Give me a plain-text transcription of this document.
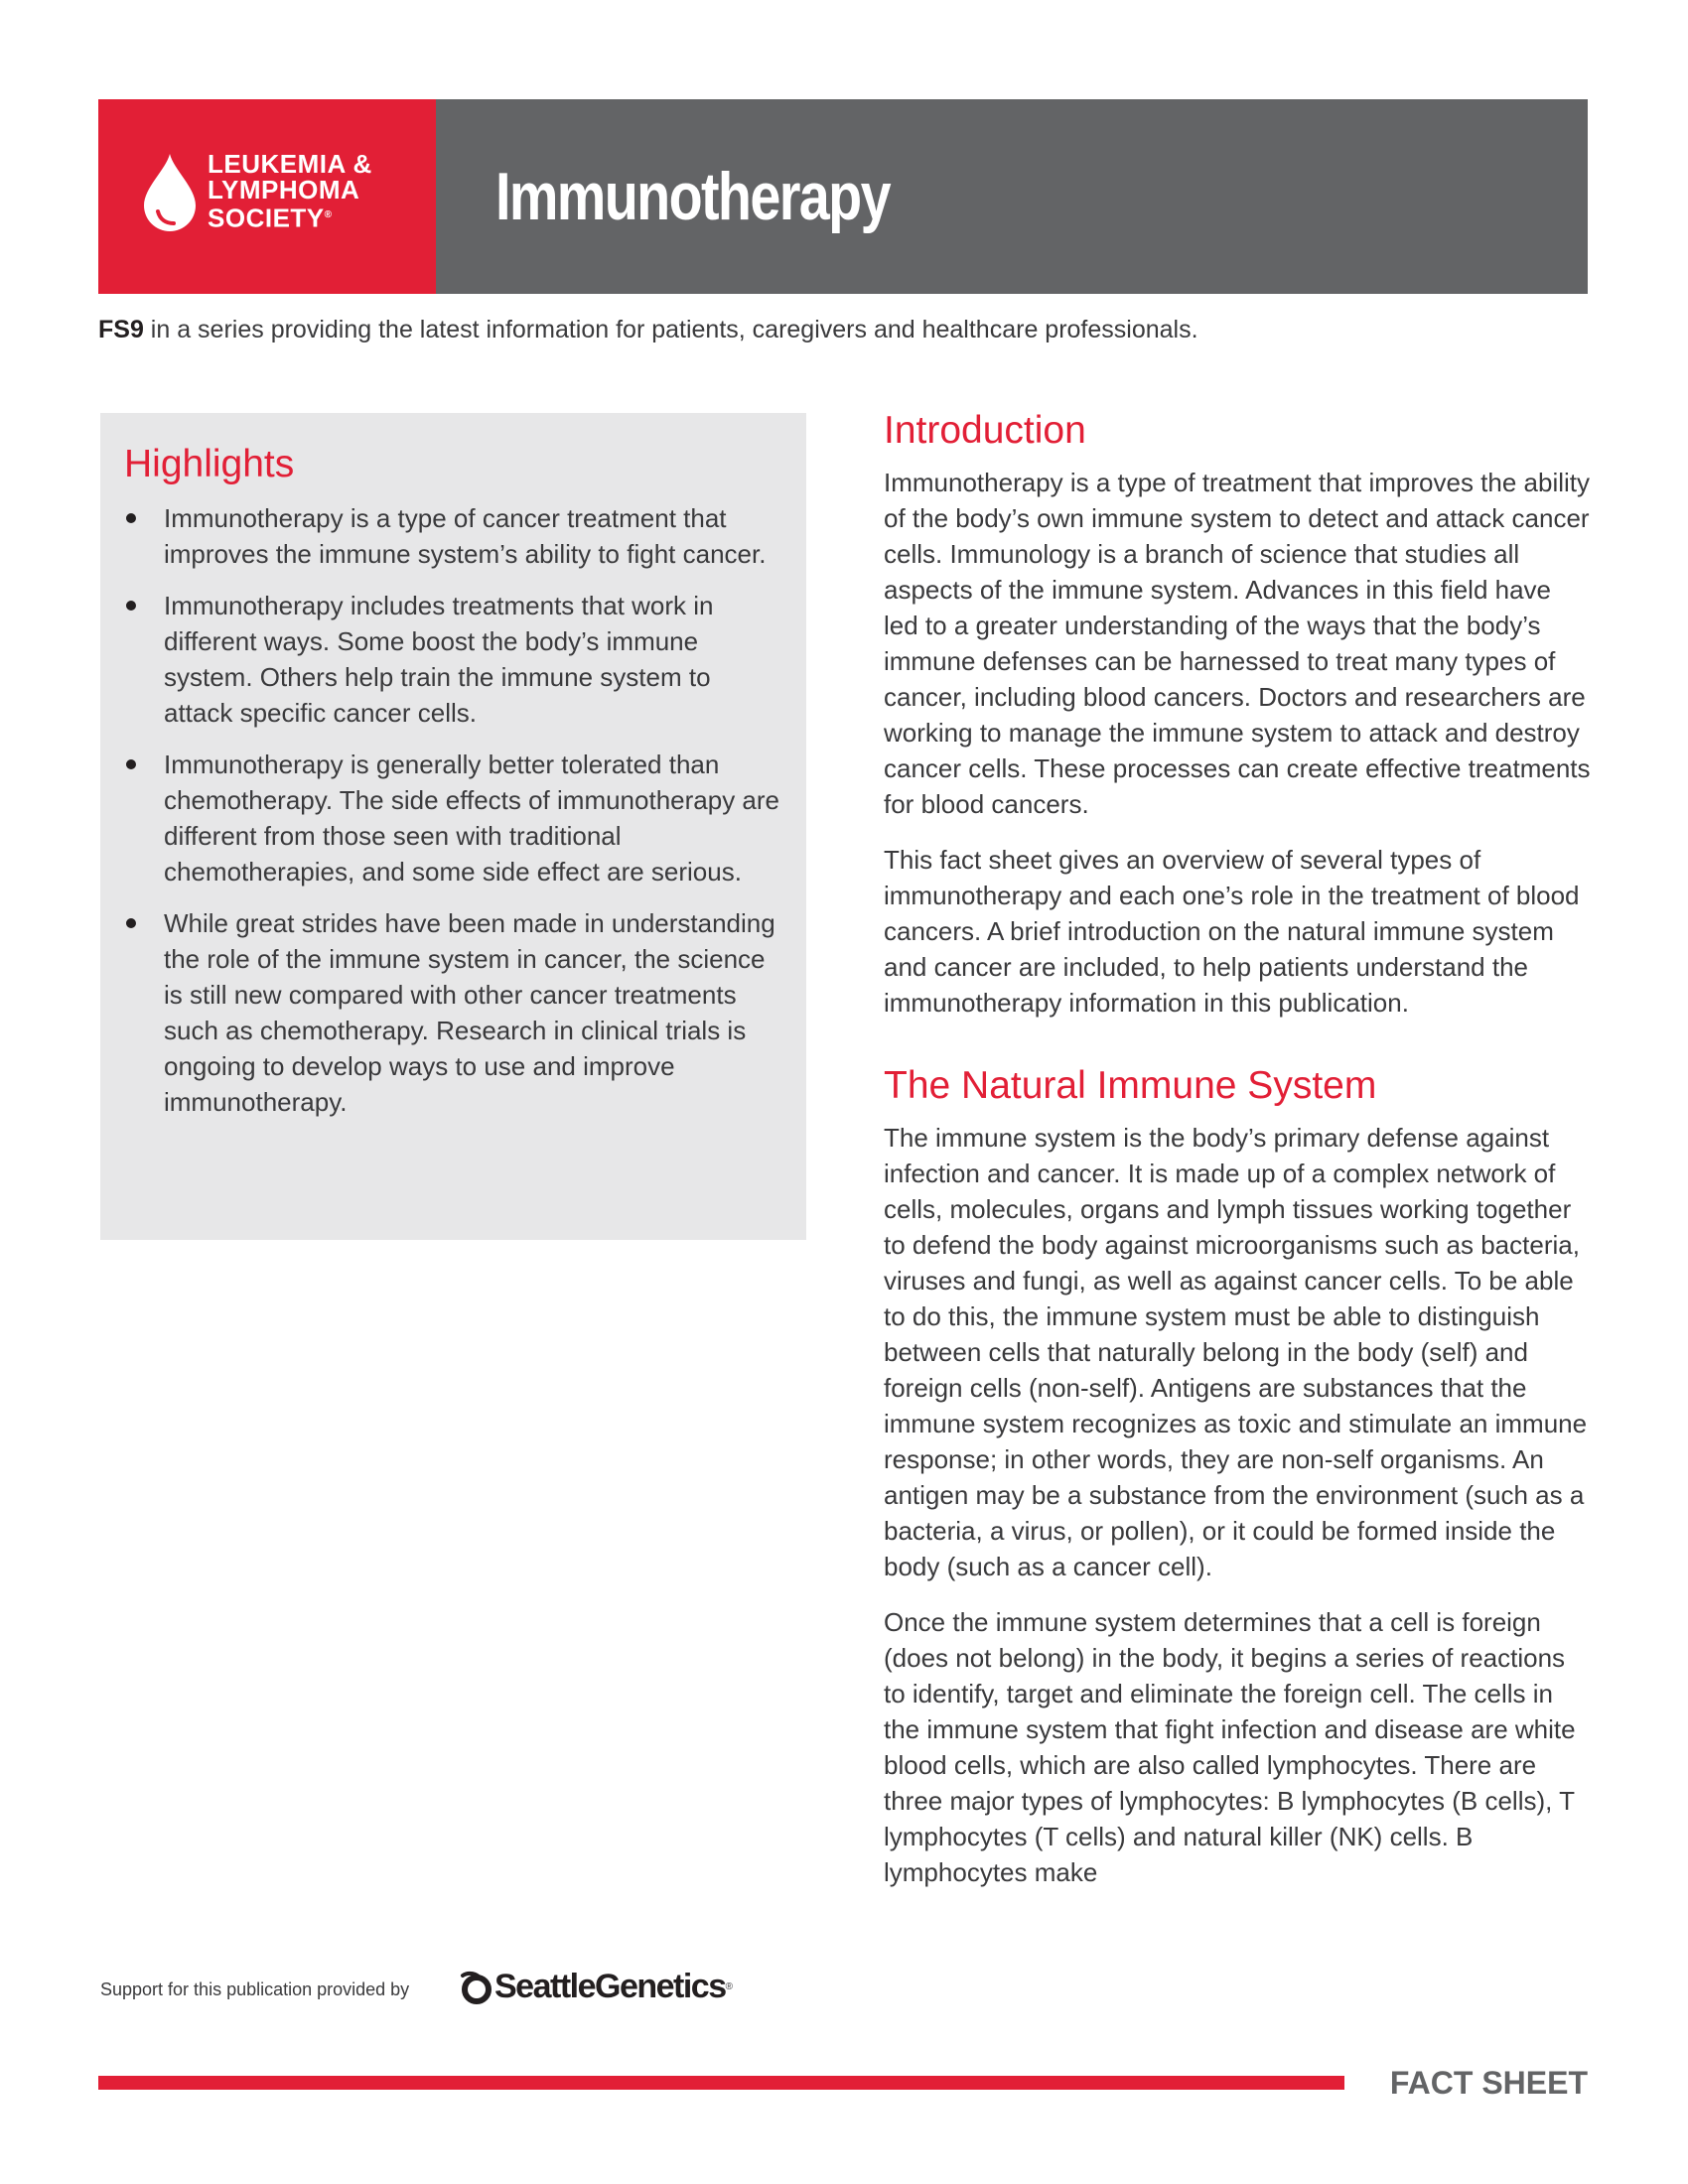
LEUKEMIA &
LYMPHOMA
SOCIETY®	Immunotherapy
FS9 in a series providing the latest information for patients, caregivers and healthcare professionals.
Highlights
Immunotherapy is a type of cancer treatment that improves the immune system’s ability to fight cancer.
Immunotherapy includes treatments that work in different ways. Some boost the body’s immune system. Others help train the immune system to attack specific cancer cells.
Immunotherapy is generally better tolerated than chemotherapy. The side effects of immunotherapy are different from those seen with traditional chemotherapies, and some side effect are serious.
While great strides have been made in understanding the role of the immune system in cancer, the science is still new compared with other cancer treatments such as chemotherapy. Research in clinical trials is ongoing to develop ways to use and improve immunotherapy.
Introduction

Immunotherapy is a type of treatment that improves the ability of the body’s own immune system to detect and attack cancer cells. Immunology is a branch of science that studies all aspects of the immune system. Advances in this field have led to a greater understanding of the ways that the body’s immune defenses can be harnessed to treat many types of cancer, including blood cancers. Doctors and researchers are working to manage the immune system to attack and destroy cancer cells. These processes can create effective treatments for blood cancers.

This fact sheet gives an overview of several types of immunotherapy and each one’s role in the treatment of blood cancers. A brief introduction on the natural immune system and cancer are included, to help patients understand the immunotherapy information in this publication.

The Natural Immune System

The immune system is the body’s primary defense against infection and cancer. It is made up of a complex network of cells, molecules, organs and lymph tissues working together to defend the body against microorganisms such as bacteria, viruses and fungi, as well as against cancer cells. To be able to do this, the immune system must be able to distinguish between cells that naturally belong in the body (self) and foreign cells (non-self). Antigens are substances that the immune system recognizes as toxic and stimulate an immune response; in other words, they are non-self organisms. An antigen may be a substance from the environment (such as a bacteria, a virus, or pollen), or it could be formed inside the body (such as a cancer cell).

Once the immune system determines that a cell is foreign (does not belong) in the body, it begins a series of reactions to identify, target and eliminate the foreign cell. The cells in the immune system that fight infection and disease are white blood cells, which are also called lymphocytes. There are three major types of lymphocytes: B lymphocytes (B cells), T lymphocytes (T cells) and natural killer (NK) cells. B lymphocytes make

Support for this publication provided by	SeattleGenetics ®
FACT SHEET
